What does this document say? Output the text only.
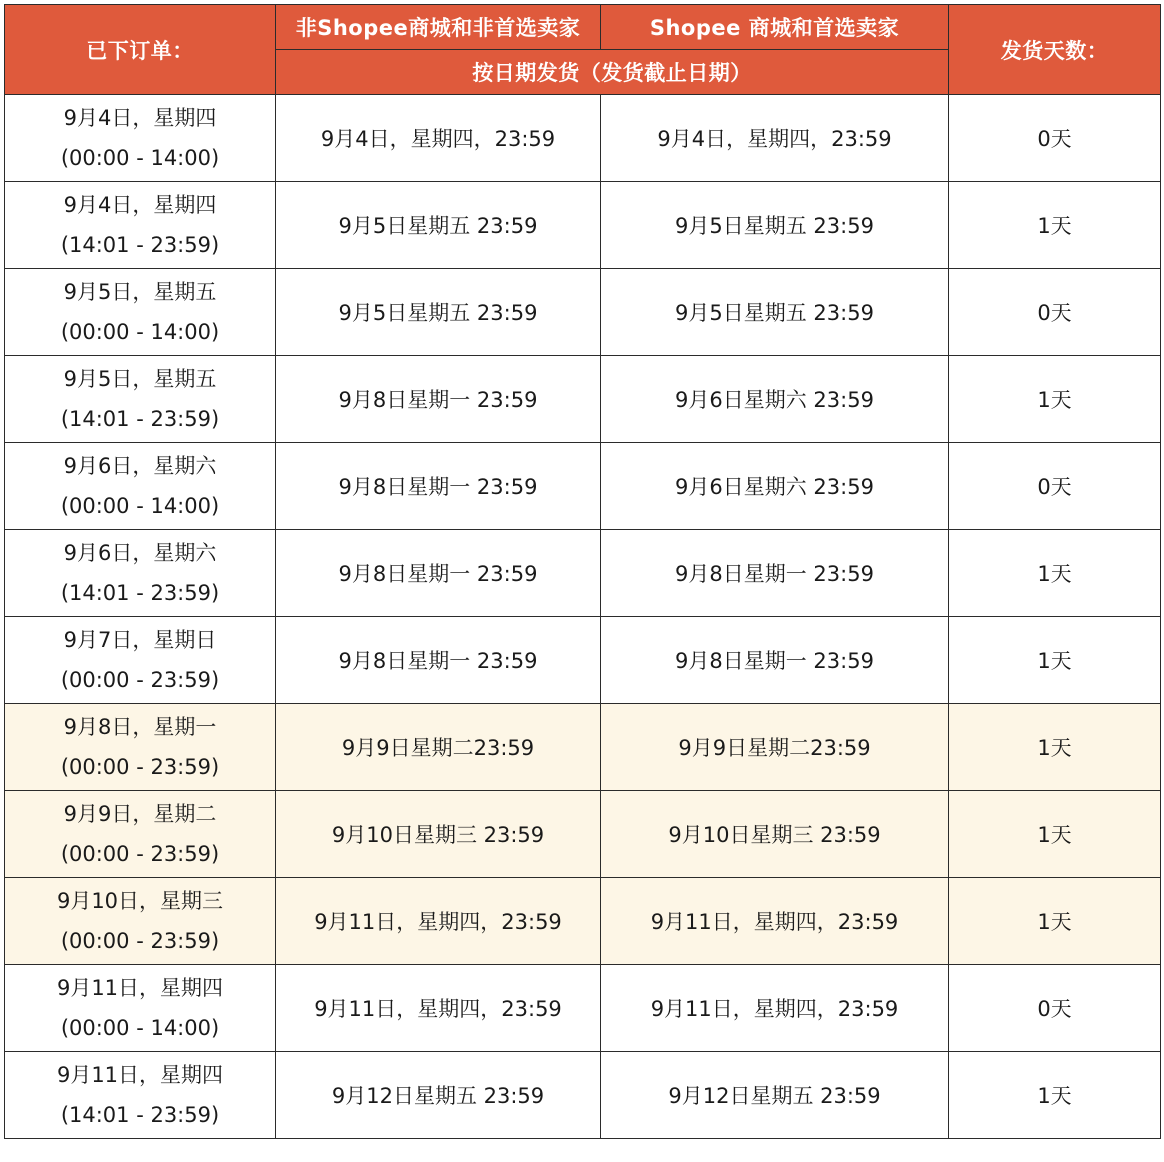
已下订单：	非Shopee商城和非首选卖家	Shopee 商城和首选卖家	发货天数：
	按日期发货（发货截止日期）		

9月4日，星期四
(00:00 - 14:00)	9月4日，星期四，23:59	9月4日，星期四，23:59	0天

9月4日，星期四
(14:01 - 23:59)	9月5日星期五 23:59	9月5日星期五 23:59	1天

9月5日，星期五
(00:00 - 14:00)	9月5日星期五 23:59	9月5日星期五 23:59	0天

9月5日，星期五
(14:01 - 23:59)	9月8日星期一 23:59	9月6日星期六 23:59	1天

9月6日，星期六
(00:00 - 14:00)	9月8日星期一 23:59	9月6日星期六 23:59	0天

9月6日，星期六
(14:01 - 23:59)	9月8日星期一 23:59	9月8日星期一 23:59	1天

9月7日，星期日
(00:00 - 23:59)	9月8日星期一 23:59	9月8日星期一 23:59	1天

9月8日，星期一
(00:00 - 23:59)	9月9日星期二23:59	9月9日星期二23:59	1天

9月9日，星期二
(00:00 - 23:59)	9月10日星期三 23:59	9月10日星期三 23:59	1天

9月10日，星期三
(00:00 - 23:59)	9月11日，星期四，23:59	9月11日，星期四，23:59	1天

9月11日，星期四
(00:00 - 14:00)	9月11日，星期四，23:59	9月11日，星期四，23:59	0天

9月11日，星期四
(14:01 - 23:59)	9月12日星期五 23:59	9月12日星期五 23:59	1天
